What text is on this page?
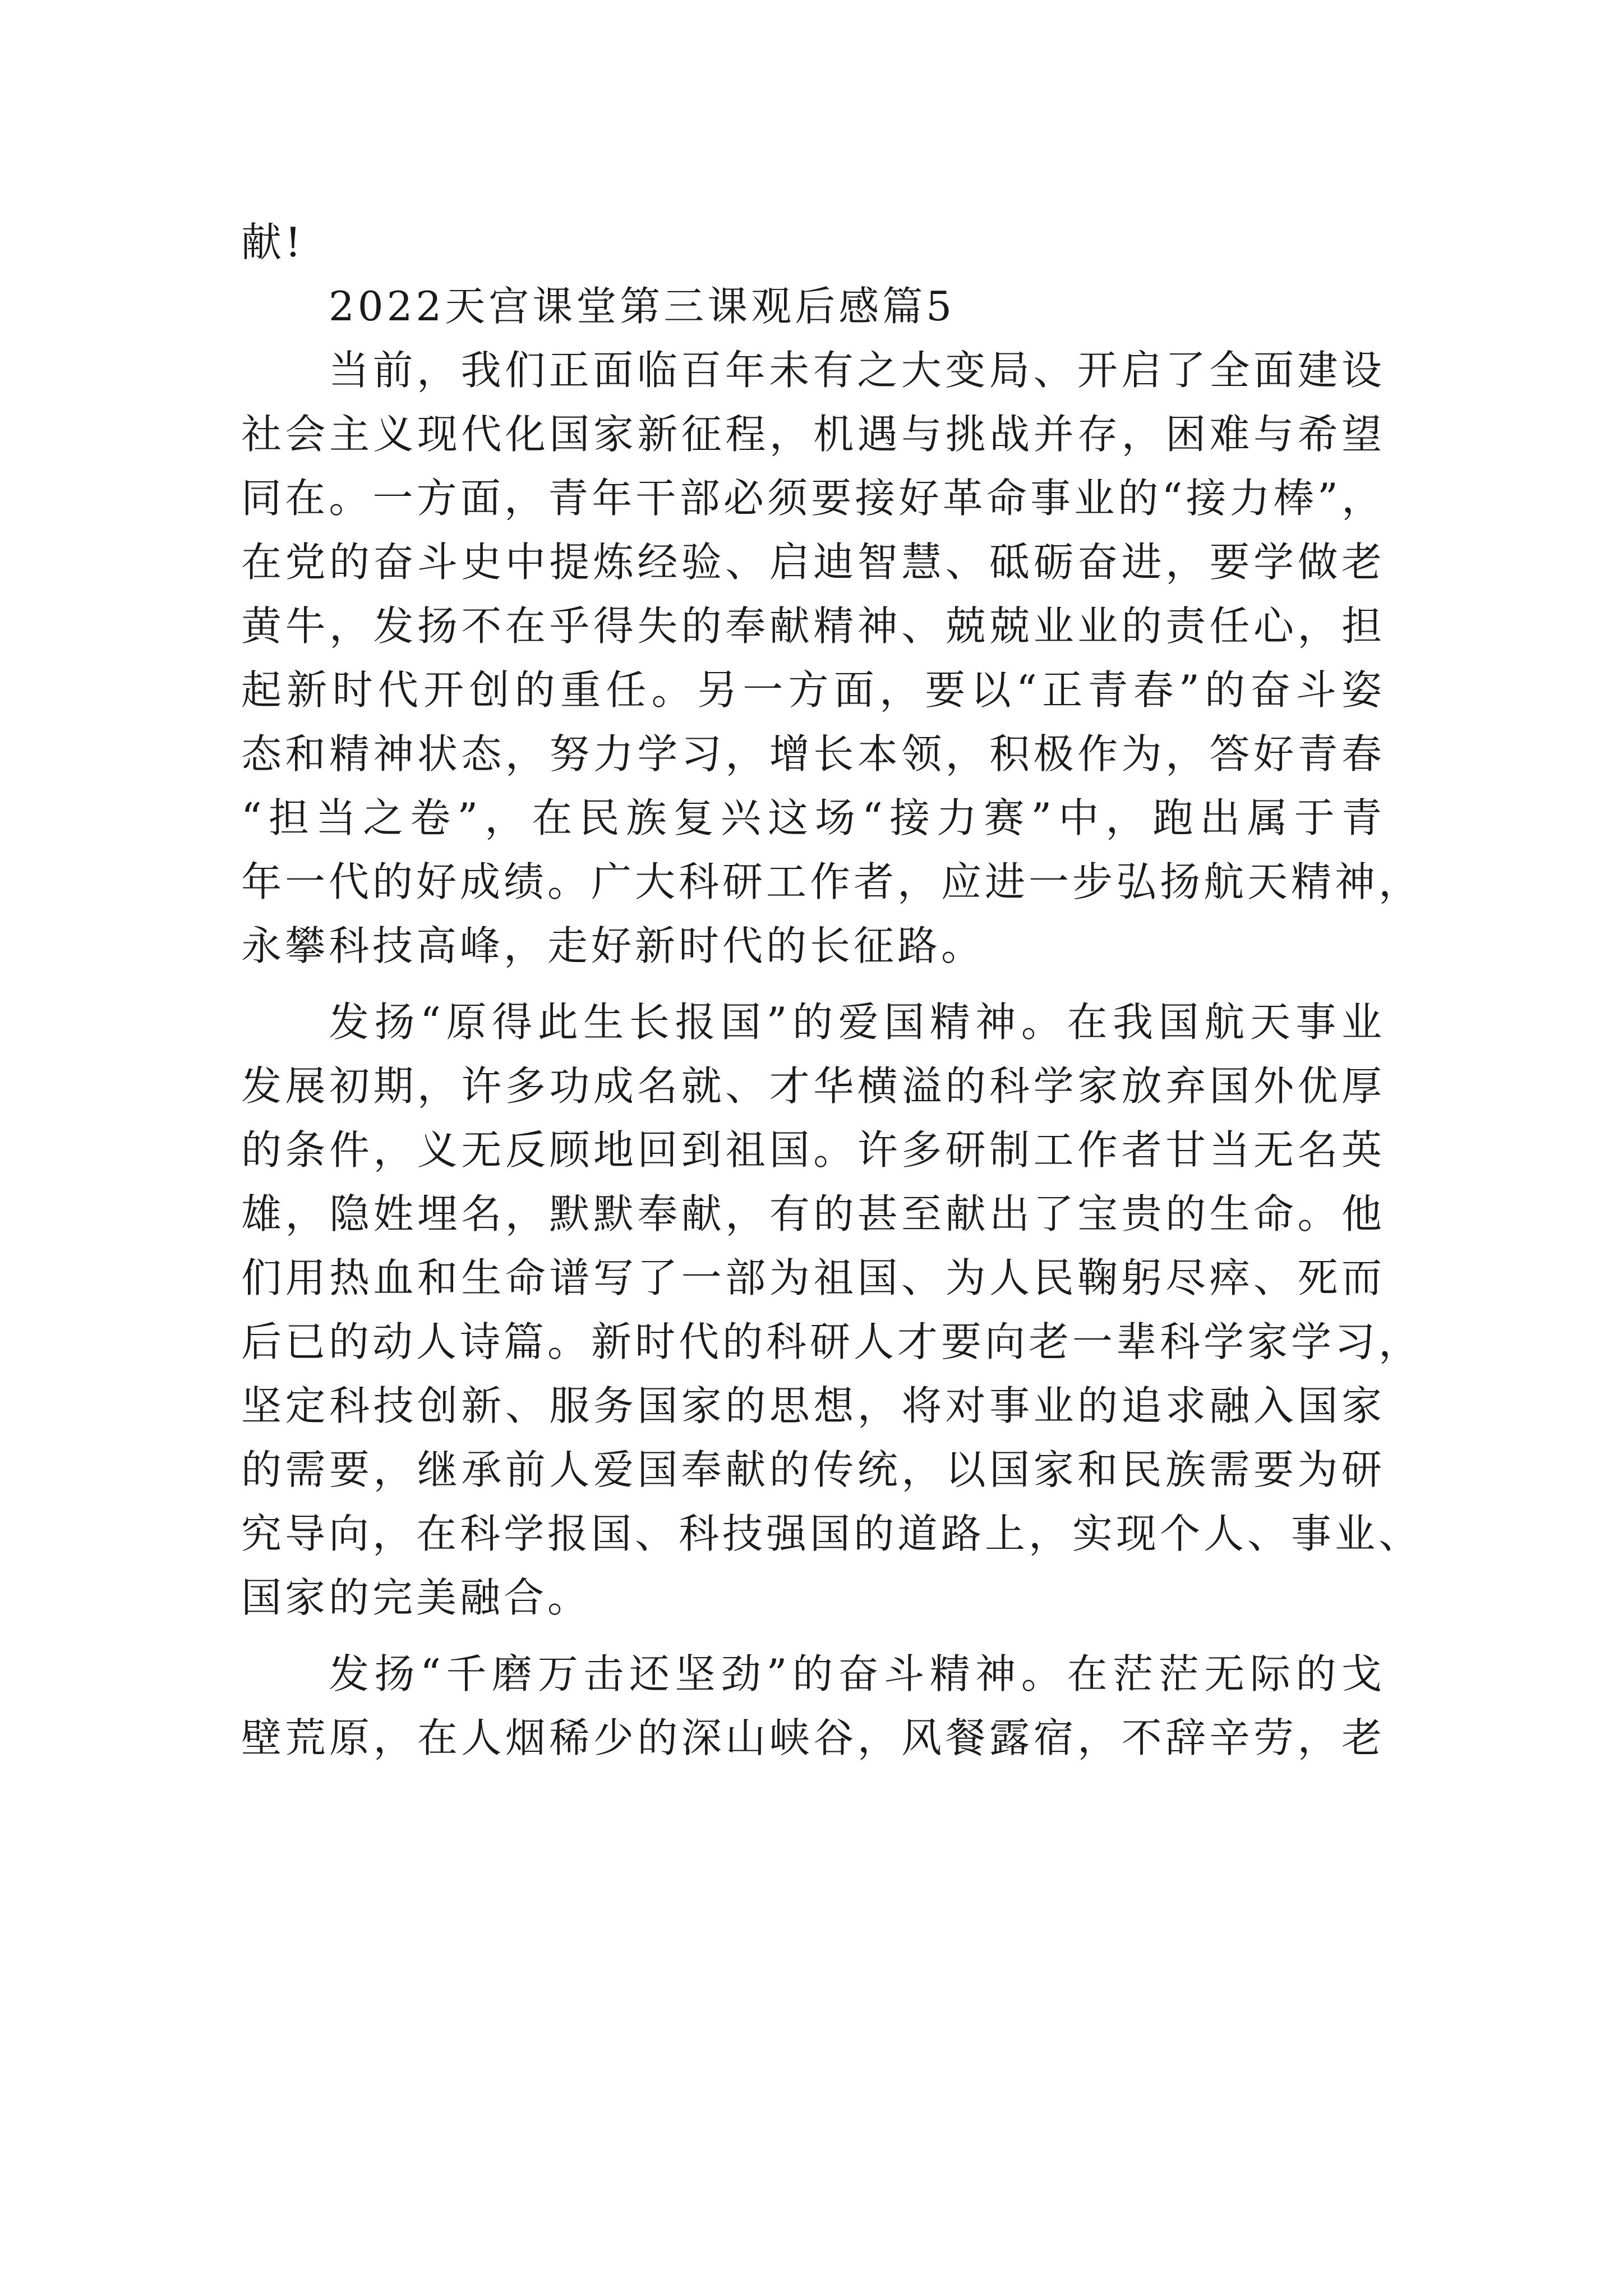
献!
2022天宫课堂第三课观后感篇5
当前，我们正面临百年未有之大变局、开启了全面建设
社会主义现代化国家新征程，机遇与挑战并存，困难与希望
同在。一方面，青年干部必须要接好革命事业的“接力棒”，
在党的奋斗史中提炼经验、启迪智慧、砥砺奋进，要学做老
黄牛，发扬不在乎得失的奉献精神、兢兢业业的责任心，担
起新时代开创的重任。另一方面，要以“正青春”的奋斗姿
态和精神状态，努力学习，增长本领，积极作为，答好青春
“担当之卷”，在民族复兴这场“接力赛”中，跑出属于青
年一代的好成绩。广大科研工作者，应进一步弘扬航天精神，
永攀科技高峰，走好新时代的长征路。
发扬“原得此生长报国”的爱国精神。在我国航天事业
发展初期，许多功成名就、才华横溢的科学家放弃国外优厚
的条件，义无反顾地回到祖国。许多研制工作者甘当无名英
雄，隐姓埋名，默默奉献，有的甚至献出了宝贵的生命。他
们用热血和生命谱写了一部为祖国、为人民鞠躬尽瘁、死而
后已的动人诗篇。新时代的科研人才要向老一辈科学家学习，
坚定科技创新、服务国家的思想，将对事业的追求融入国家
的需要，继承前人爱国奉献的传统，以国家和民族需要为研
究导向，在科学报国、科技强国的道路上，实现个人、事业、
国家的完美融合。
发扬“千磨万击还坚劲”的奋斗精神。在茫茫无际的戈
壁荒原，在人烟稀少的深山峡谷，风餐露宿，不辞辛劳，老
